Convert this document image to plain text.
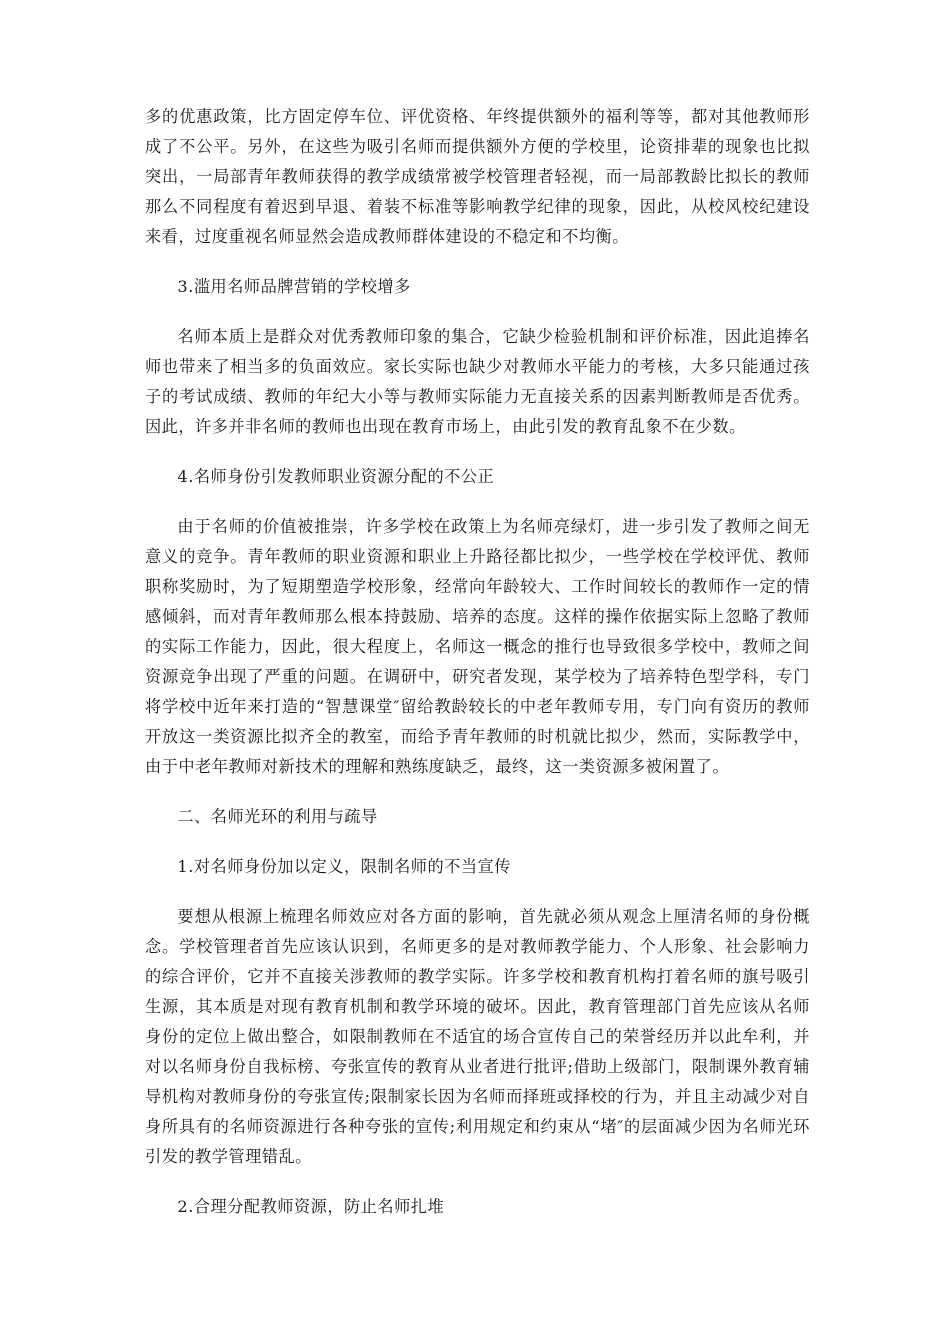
多的优惠政策，比方固定停车位、评优资格、年终提供额外的福利等等，都对其他教师形成了不公平。另外，在这些为吸引名师而提供额外方便的学校里，论资排辈的现象也比拟突出，一局部青年教师获得的教学成绩常被学校管理者轻视，而一局部教龄比拟长的教师那么不同程度有着迟到早退、着装不标准等影响教学纪律的现象，因此，从校风校纪建设来看，过度重视名师显然会造成教师群体建设的不稳定和不均衡。

3.滥用名师品牌营销的学校增多

名师本质上是群众对优秀教师印象的集合，它缺少检验机制和评价标准，因此追捧名师也带来了相当多的负面效应。家长实际也缺少对教师水平能力的考核，大多只能通过孩子的考试成绩、教师的年纪大小等与教师实际能力无直接关系的因素判断教师是否优秀。因此，许多并非名师的教师也出现在教育市场上，由此引发的教育乱象不在少数。

4.名师身份引发教师职业资源分配的不公正

由于名师的价值被推崇，许多学校在政策上为名师亮绿灯，进一步引发了教师之间无意义的竞争。青年教师的职业资源和职业上升路径都比拟少，一些学校在学校评优、教师职称奖励时，为了短期塑造学校形象，经常向年龄较大、工作时间较长的教师作一定的情感倾斜，而对青年教师那么根本持鼓励、培养的态度。这样的操作依据实际上忽略了教师的实际工作能力，因此，很大程度上，名师这一概念的推行也导致很多学校中，教师之间资源竞争出现了严重的问题。在调研中，研究者发现，某学校为了培养特色型学科，专门将学校中近年来打造的“智慧课堂″留给教龄较长的中老年教师专用，专门向有资历的教师开放这一类资源比拟齐全的教室，而给予青年教师的时机就比拟少，然而，实际教学中，由于中老年教师对新技术的理解和熟练度缺乏，最终，这一类资源多被闲置了。

二、名师光环的利用与疏导

1.对名师身份加以定义，限制名师的不当宣传

要想从根源上梳理名师效应对各方面的影响，首先就必须从观念上厘清名师的身份概念。学校管理者首先应该认识到，名师更多的是对教师教学能力、个人形象、社会影响力的综合评价，它并不直接关涉教师的教学实际。许多学校和教育机构打着名师的旗号吸引生源，其本质是对现有教育机制和教学环境的破坏。因此，教育管理部门首先应该从名师身份的定位上做出整合，如限制教师在不适宜的场合宣传自己的荣誉经历并以此牟利，并对以名师身份自我标榜、夸张宣传的教育从业者进行批评;借助上级部门，限制课外教育辅导机构对教师身份的夸张宣传;限制家长因为名师而择班或择校的行为，并且主动减少对自身所具有的名师资源进行各种夸张的宣传;利用规定和约束从“堵″的层面减少因为名师光环引发的教学管理错乱。

2.合理分配教师资源，防止名师扎堆
